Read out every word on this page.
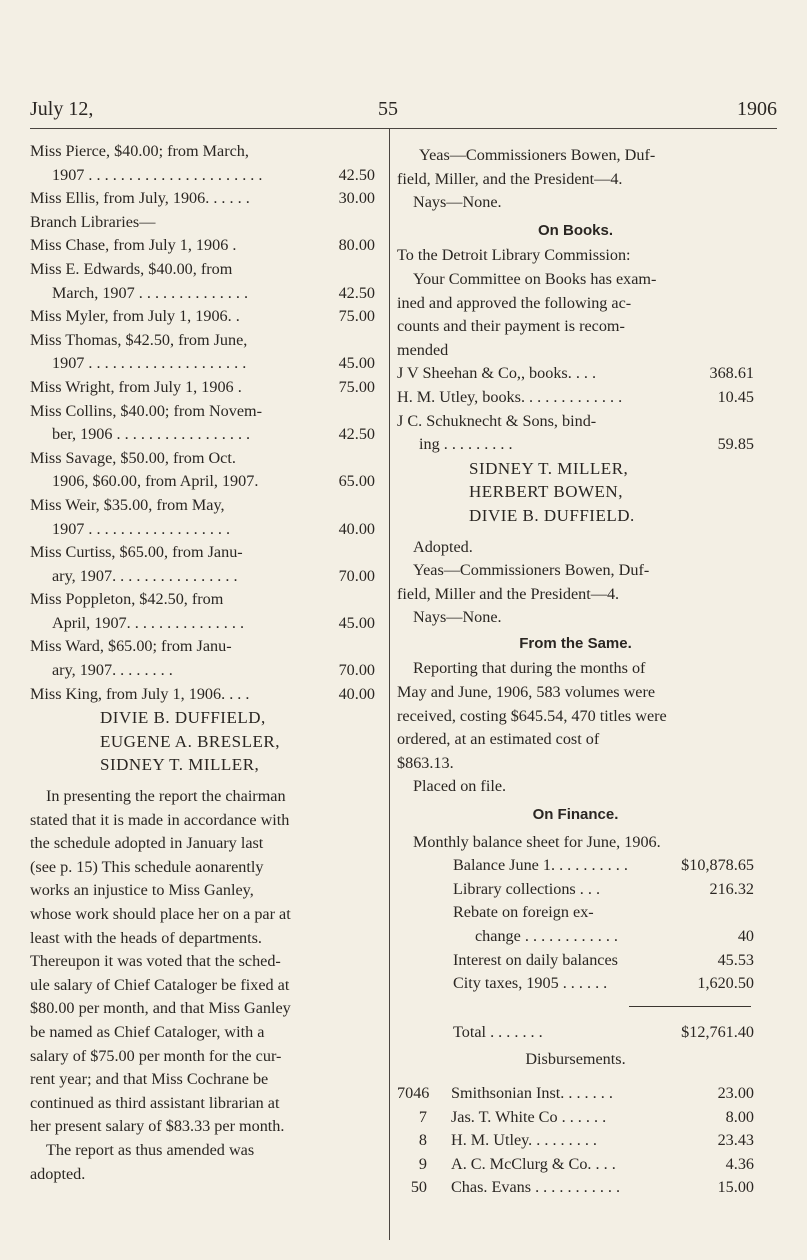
July 12,	55	1906
Miss Pierce, $40.00; from March,
1907 . . . . . . . . . . . . . . . . . . . . . .	42.50
Miss Ellis, from July, 1906. . . . . .	30.00
Branch Libraries—
Miss Chase, from July 1, 1906 .	80.00
Miss E. Edwards, $40.00, from
March, 1907 . . . . . . . . . . . . . .	42.50
Miss Myler, from July 1, 1906. .	75.00
Miss Thomas, $42.50, from June,
1907 . . . . . . . . . . . . . . . . . . . .	45.00
Miss Wright, from July 1, 1906 .	75.00
Miss Collins, $40.00; from Novem-
ber, 1906 . . . . . . . . . . . . . . . . .	42.50
Miss Savage, $50.00, from Oct.
1906, $60.00, from April, 1907.	65.00
Miss Weir, $35.00, from May,
1907 . . . . . . . . . . . . . . . . . .	40.00
Miss Curtiss, $65.00, from Janu-
ary, 1907. . . . . . . . . . . . . . . .	70.00
Miss Poppleton, $42.50, from
April, 1907. . . . . . . . . . . . . . .	45.00
Miss Ward, $65.00; from Janu-
ary, 1907. . . . . . . .	70.00
Miss King, from July 1, 1906. . . .	40.00
DIVIE B. DUFFIELD,
EUGENE A. BRESLER,
SIDNEY T. MILLER,
In presenting the report the chairman
stated that it is made in accordance with
the schedule adopted in January last
(see p. 15) This schedule aonarently
works an injustice to Miss Ganley,
whose work should place her on a par at
least with the heads of departments.
Thereupon it was voted that the sched-
ule salary of Chief Cataloger be fixed at
$80.00 per month, and that Miss Ganley
be named as Chief Cataloger, with a
salary of $75.00 per month for the cur-
rent year; and that Miss Cochrane be
continued as third assistant librarian at
her present salary of $83.33 per month.
The report as thus amended was
adopted.
Yeas—Commissioners Bowen, Duf-
field, Miller, and the President—4.
Nays—None.
On Books.
To the Detroit Library Commission:
Your Committee on Books has exam-
ined and approved the following ac-
counts and their payment is recom-
mended
J V Sheehan & Co,, books. . . .	368.61
H. M. Utley, books. . . . . . . . . . . . .	10.45
J C. Schuknecht & Sons, bind-
ing . . . . . . . . .	59.85
SIDNEY T. MILLER,
HERBERT BOWEN,
DIVIE B. DUFFIELD.
Adopted.
Yeas—Commissioners Bowen, Duf-
field, Miller and the President—4.
Nays—None.
From the Same.
Reporting that during the months of
May and June, 1906, 583 volumes were
received, costing $645.54, 470 titles were
ordered, at an estimated cost of
$863.13.
Placed on file.
On Finance.
Monthly balance sheet for June, 1906.
Balance June 1. . . . . . . . . .	$10,878.65
Library collections . . .	216.32
Rebate on foreign ex-
change . . . . . . . . . . . .	40
Interest on daily balances	45.53
City taxes, 1905 . . . . . .	1,620.50
Total . . . . . . .	$12,761.40
Disbursements.
7046	Smithsonian Inst. . . . . . .	23.00
7	Jas. T. White Co . . . . . .	8.00
8	H. M. Utley. . . . . . . . .	23.43
9	A. C. McClurg & Co. . . .	4.36
50	Chas. Evans . . . . . . . . . . .	15.00
